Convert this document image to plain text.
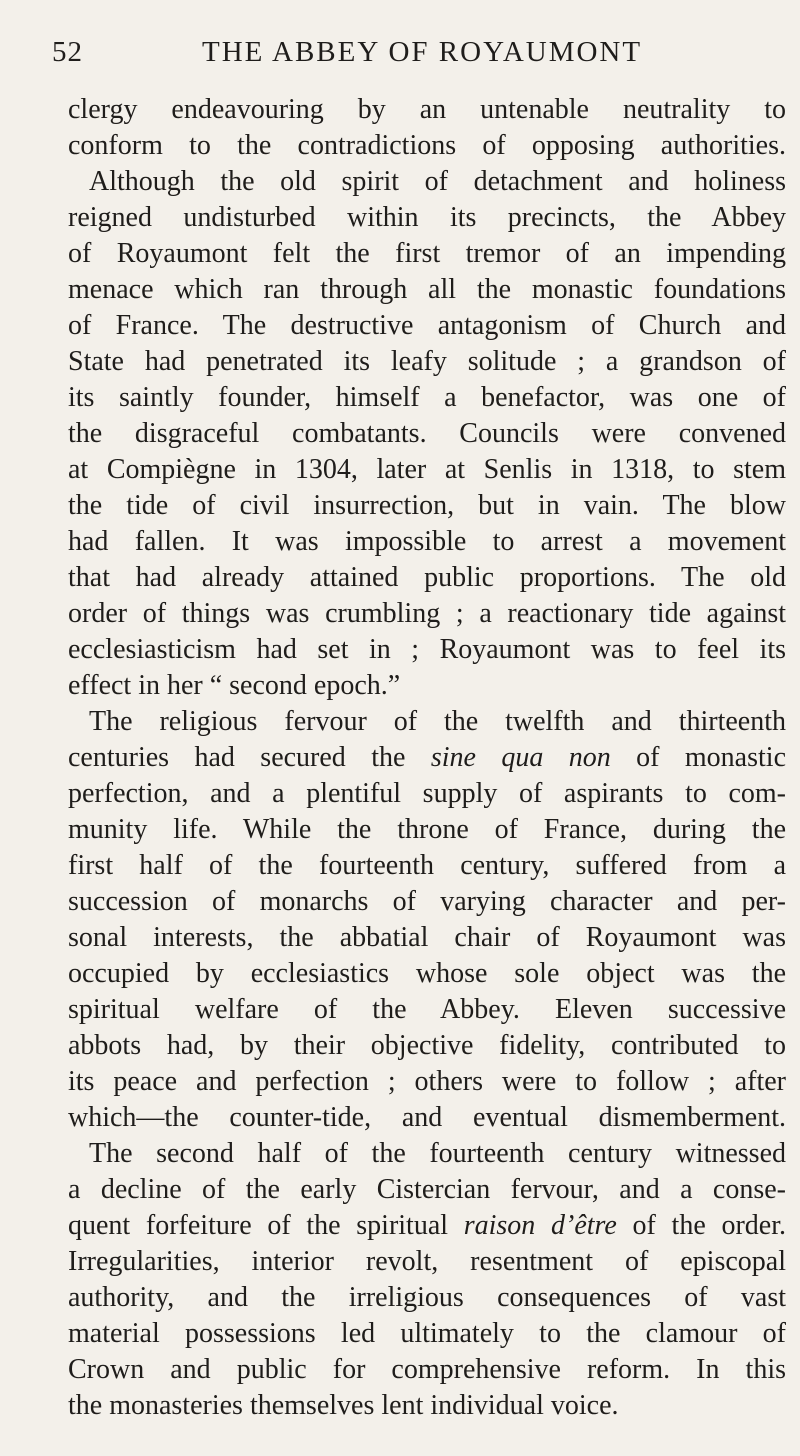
52	THE ABBEY OF ROYAUMONT
clergy endeavouring by an untenable neutrality to
conform to the contradictions of opposing authorities.
Although the old spirit of detachment and holiness
reigned undisturbed within its precincts, the Abbey
of Royaumont felt the first tremor of an impending
menace which ran through all the monastic foundations
of France. The destructive antagonism of Church and
State had penetrated its leafy solitude ; a grandson of
its saintly founder, himself a benefactor, was one of
the disgraceful combatants. Councils were convened
at Compiègne in 1304, later at Senlis in 1318, to stem
the tide of civil insurrection, but in vain. The blow
had fallen. It was impossible to arrest a movement
that had already attained public proportions. The old
order of things was crumbling ; a reactionary tide against
ecclesiasticism had set in ; Royaumont was to feel its
effect in her “ second epoch.”
The religious fervour of the twelfth and thirteenth
centuries had secured the sine qua non of monastic
perfection, and a plentiful supply of aspirants to com-
munity life. While the throne of France, during the
first half of the fourteenth century, suffered from a
succession of monarchs of varying character and per-
sonal interests, the abbatial chair of Royaumont was
occupied by ecclesiastics whose sole object was the
spiritual welfare of the Abbey. Eleven successive
abbots had, by their objective fidelity, contributed to
its peace and perfection ; others were to follow ; after
which—the counter-tide, and eventual dismemberment.
The second half of the fourteenth century witnessed
a decline of the early Cistercian fervour, and a conse-
quent forfeiture of the spiritual raison d’être of the order.
Irregularities, interior revolt, resentment of episcopal
authority, and the irreligious consequences of vast
material possessions led ultimately to the clamour of
Crown and public for comprehensive reform. In this
the monasteries themselves lent individual voice.
